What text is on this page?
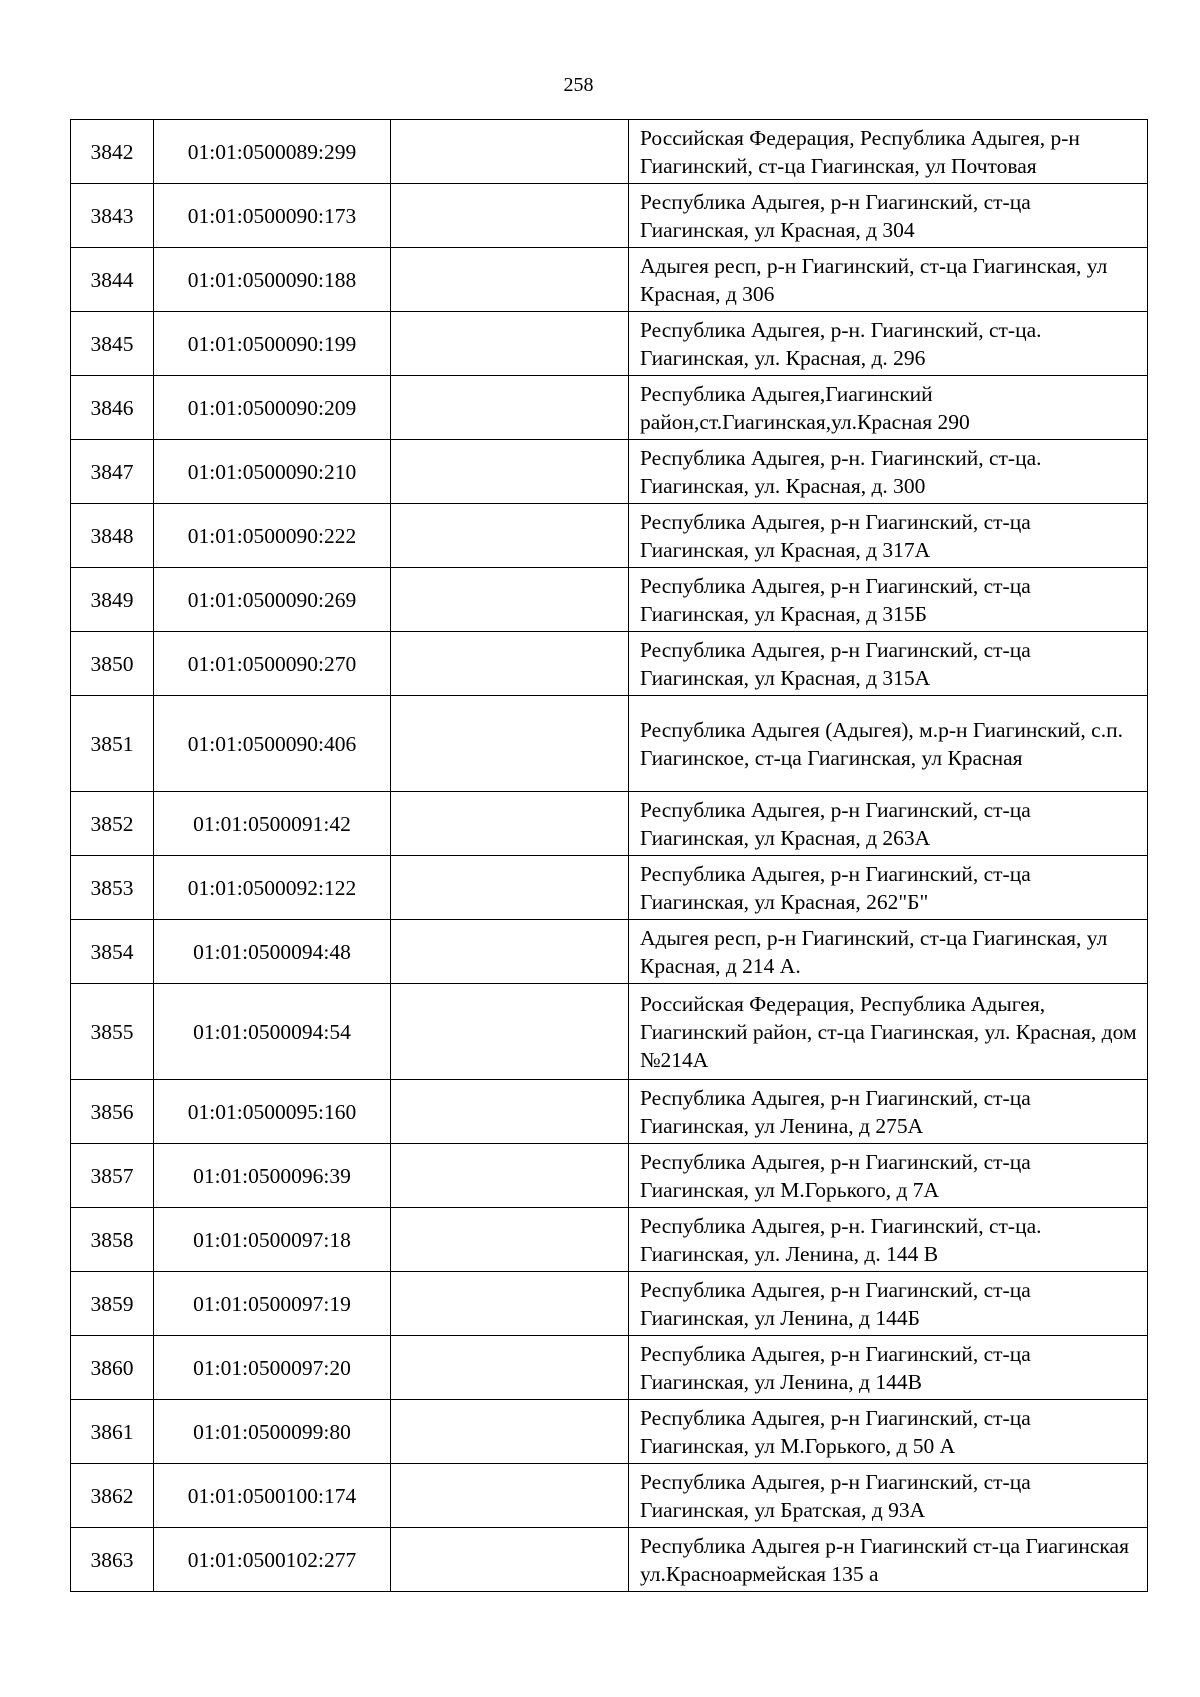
258
3842	01:01:0500089:299		Российская Федерация, Республика Адыгея, р-н Гиагинский, ст-ца Гиагинская, ул Почтовая
3843	01:01:0500090:173		Республика Адыгея, р-н Гиагинский, ст-ца Гиагинская, ул Красная, д 304
3844	01:01:0500090:188		Адыгея респ, р-н Гиагинский, ст-ца Гиагинская, ул Красная, д 306
3845	01:01:0500090:199		Республика Адыгея, р-н. Гиагинский, ст-ца. Гиагинская, ул. Красная, д. 296
3846	01:01:0500090:209		Республика Адыгея,Гиагинский район,ст.Гиагинская,ул.Красная 290
3847	01:01:0500090:210		Республика Адыгея, р-н. Гиагинский, ст-ца. Гиагинская, ул. Красная, д. 300
3848	01:01:0500090:222		Республика Адыгея, р-н Гиагинский, ст-ца Гиагинская, ул Красная, д 317А
3849	01:01:0500090:269		Республика Адыгея, р-н Гиагинский, ст-ца Гиагинская, ул Красная, д 315Б
3850	01:01:0500090:270		Республика Адыгея, р-н Гиагинский, ст-ца Гиагинская, ул Красная, д 315А
3851	01:01:0500090:406		Республика Адыгея (Адыгея), м.р-н Гиагинский, с.п. Гиагинское, ст-ца Гиагинская, ул Красная
3852	01:01:0500091:42		Республика Адыгея, р-н Гиагинский, ст-ца Гиагинская, ул Красная, д 263А
3853	01:01:0500092:122		Республика Адыгея, р-н Гиагинский, ст-ца Гиагинская, ул Красная, 262"Б"
3854	01:01:0500094:48		Адыгея респ, р-н Гиагинский, ст-ца Гиагинская, ул Красная, д 214 А.
3855	01:01:0500094:54		Российская Федерация, Республика Адыгея, Гиагинский район, ст-ца Гиагинская, ул. Красная, дом №214А
3856	01:01:0500095:160		Республика Адыгея, р-н Гиагинский, ст-ца Гиагинская, ул Ленина, д 275А
3857	01:01:0500096:39		Республика Адыгея, р-н Гиагинский, ст-ца Гиагинская, ул М.Горького, д 7А
3858	01:01:0500097:18		Республика Адыгея, р-н. Гиагинский, ст-ца. Гиагинская, ул. Ленина, д. 144 В
3859	01:01:0500097:19		Республика Адыгея, р-н Гиагинский, ст-ца Гиагинская, ул Ленина, д 144Б
3860	01:01:0500097:20		Республика Адыгея, р-н Гиагинский, ст-ца Гиагинская, ул Ленина, д 144В
3861	01:01:0500099:80		Республика Адыгея, р-н Гиагинский, ст-ца Гиагинская, ул М.Горького, д 50 А
3862	01:01:0500100:174		Республика Адыгея, р-н Гиагинский, ст-ца Гиагинская, ул Братская, д 93А
3863	01:01:0500102:277		Республика Адыгея р-н Гиагинский ст-ца Гиагинская ул.Красноармейская 135 а
